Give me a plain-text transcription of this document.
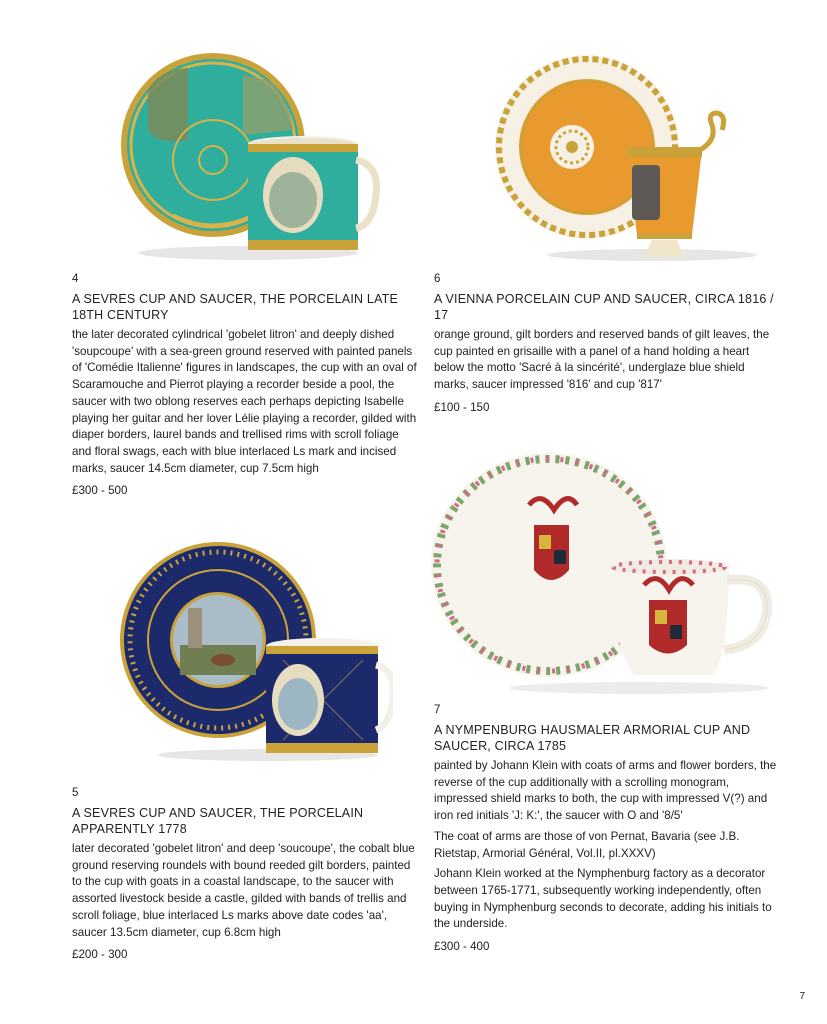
4

A SEVRES CUP AND SAUCER, THE PORCELAIN LATE 18TH CENTURY

the later decorated cylindrical 'gobelet litron' and deeply dished 'soupcoupe' with a sea-green ground reserved with painted panels of 'Comédie Italienne' figures in landscapes, the cup with an oval of Scaramouche and Pierrot playing a recorder beside a pool, the saucer with two oblong reserves each perhaps depicting Isabelle playing her guitar and her lover Lélie playing a recorder, gilded with diaper borders, laurel bands and trellised rims with scroll foliage and floral swags, each with blue interlaced Ls mark and incised marks, saucer 14.5cm diameter, cup 7.5cm high

£300 - 500

6

A VIENNA PORCELAIN CUP AND SAUCER, CIRCA 1816 / 17

orange ground, gilt borders and reserved bands of gilt leaves, the cup painted en grisaille with a panel of a hand holding a heart below the motto 'Sacré à la sincérité', underglaze blue shield marks, saucer impressed '816' and cup '817'

£100 - 150

5

A SEVRES CUP AND SAUCER, THE PORCELAIN APPARENTLY 1778

later decorated 'gobelet litron' and deep 'soucoupe', the cobalt blue ground reserving roundels with bound reeded gilt borders, painted to the cup with goats in a coastal landscape, to the saucer with assorted livestock beside a castle, gilded with bands of trellis and scroll foliage, blue interlaced Ls marks above date codes 'aa', saucer 13.5cm diameter, cup 6.8cm high

£200 - 300

7

A NYMPENBURG HAUSMALER ARMORIAL CUP AND SAUCER, CIRCA 1785

painted by Johann Klein with coats of arms and flower borders, the reverse of the cup additionally with a scrolling monogram, impressed shield marks to both, the cup with impressed V(?) and iron red initials 'J: K:', the saucer with O and '8/5'

The coat of arms are those of von Pernat, Bavaria (see J.B. Rietstap, Armorial Général, Vol.II, pl.XXXV)

Johann Klein worked at the Nymphenburg factory as a decorator between 1765-1771, subsequently working independently, often buying in Nymphenburg seconds to decorate, adding his initials to the underside.

£300 - 400

7
